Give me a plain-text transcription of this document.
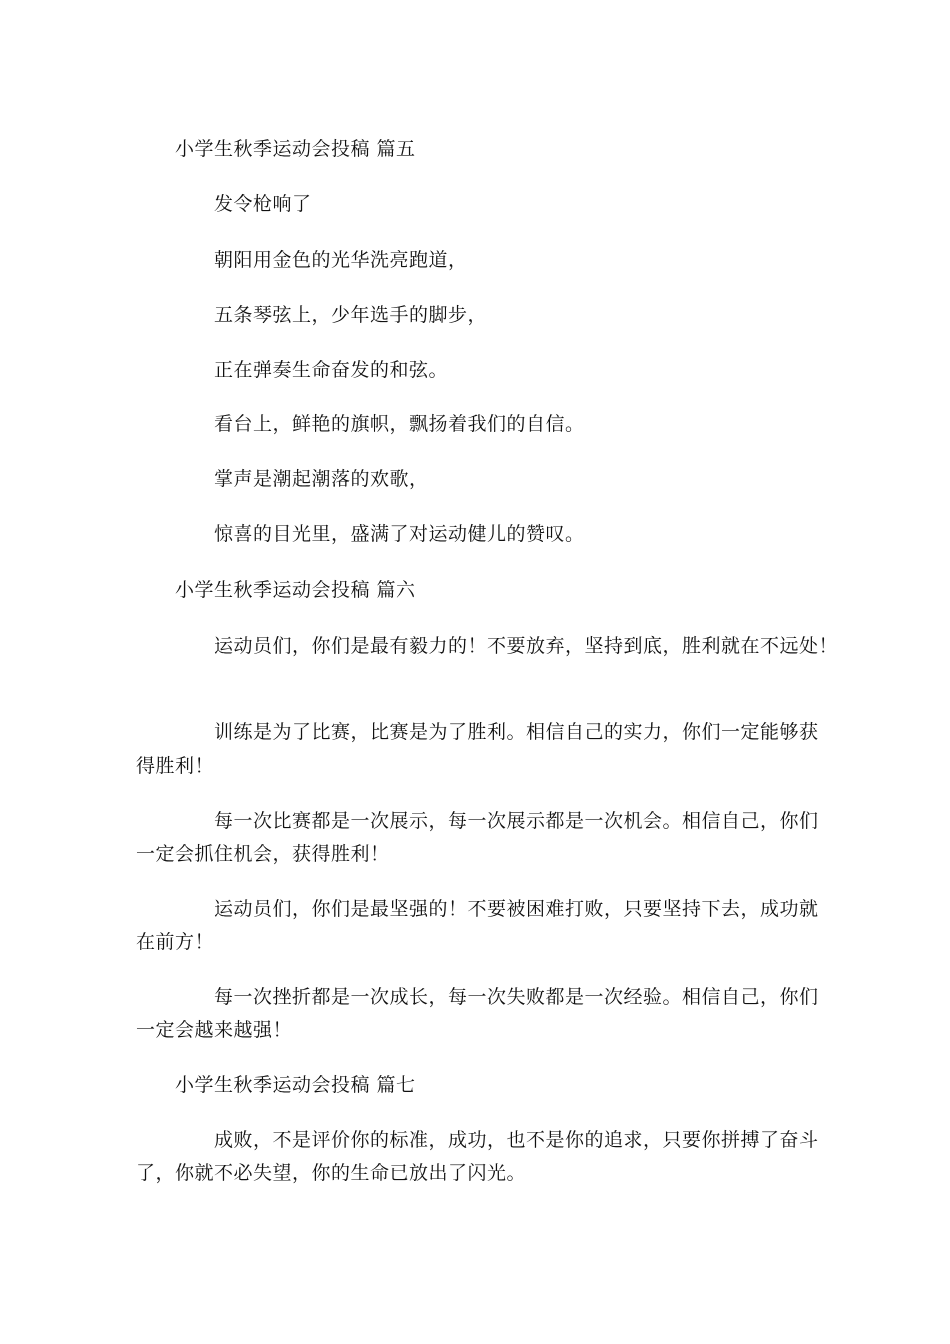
小学生秋季运动会投稿 篇五
发令枪响了
朝阳用金色的光华洗亮跑道，
五条琴弦上，少年选手的脚步，
正在弹奏生命奋发的和弦。
看台上，鲜艳的旗帜，飘扬着我们的自信。
掌声是潮起潮落的欢歌，
惊喜的目光里，盛满了对运动健儿的赞叹。
小学生秋季运动会投稿 篇六
运动员们，你们是最有毅力的！不要放弃，坚持到底，胜利就在不远处！
训练是为了比赛，比赛是为了胜利。相信自己的实力，你们一定能够获
得胜利！
每一次比赛都是一次展示，每一次展示都是一次机会。相信自己，你们
一定会抓住机会，获得胜利！
运动员们，你们是最坚强的！不要被困难打败，只要坚持下去，成功就
在前方！
每一次挫折都是一次成长，每一次失败都是一次经验。相信自己，你们
一定会越来越强！
小学生秋季运动会投稿 篇七
成败，不是评价你的标准，成功，也不是你的追求，只要你拼搏了奋斗
了，你就不必失望，你的生命已放出了闪光。
